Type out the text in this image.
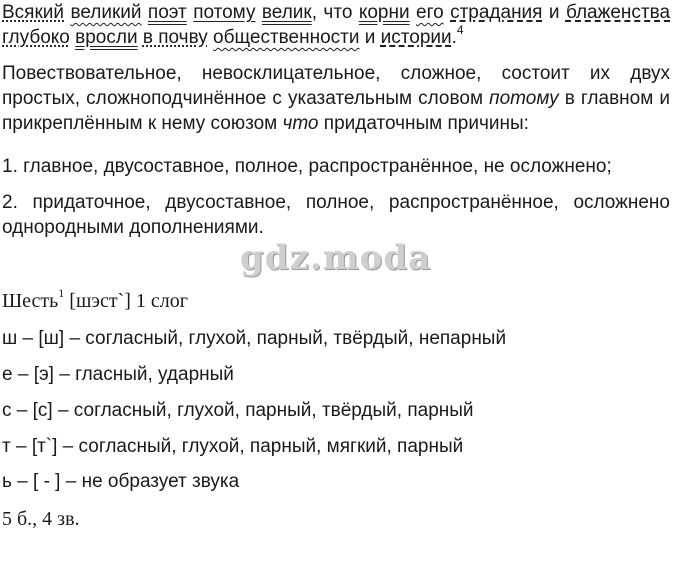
Всякий великий поэт потому велик, что корни его страдания и блаженства глубоко вросли в почву общественности и истории.$^4$
Повествовательное, невосклицательное, сложное, состоит их двух простых, сложноподчинённое с указательным словом потому в главном и прикреплённым к нему союзом что придаточным причины:
1. главное, двусоставное, полное, распространённое, не осложнено;
2. придаточное, двусоставное, полное, распространённое, осложнено однородными дополнениями.
gdz.moda
Шесть$^1$ [шэст`] 1 слог
ш – [ш] – согласный, глухой, парный, твёрдый, непарный
е – [э] – гласный, ударный
с – [с] – согласный, глухой, парный, твёрдый, парный
т – [т`] – согласный, глухой, парный, мягкий, парный
ь – [ - ] – не образует звука
5 б., 4 зв.
